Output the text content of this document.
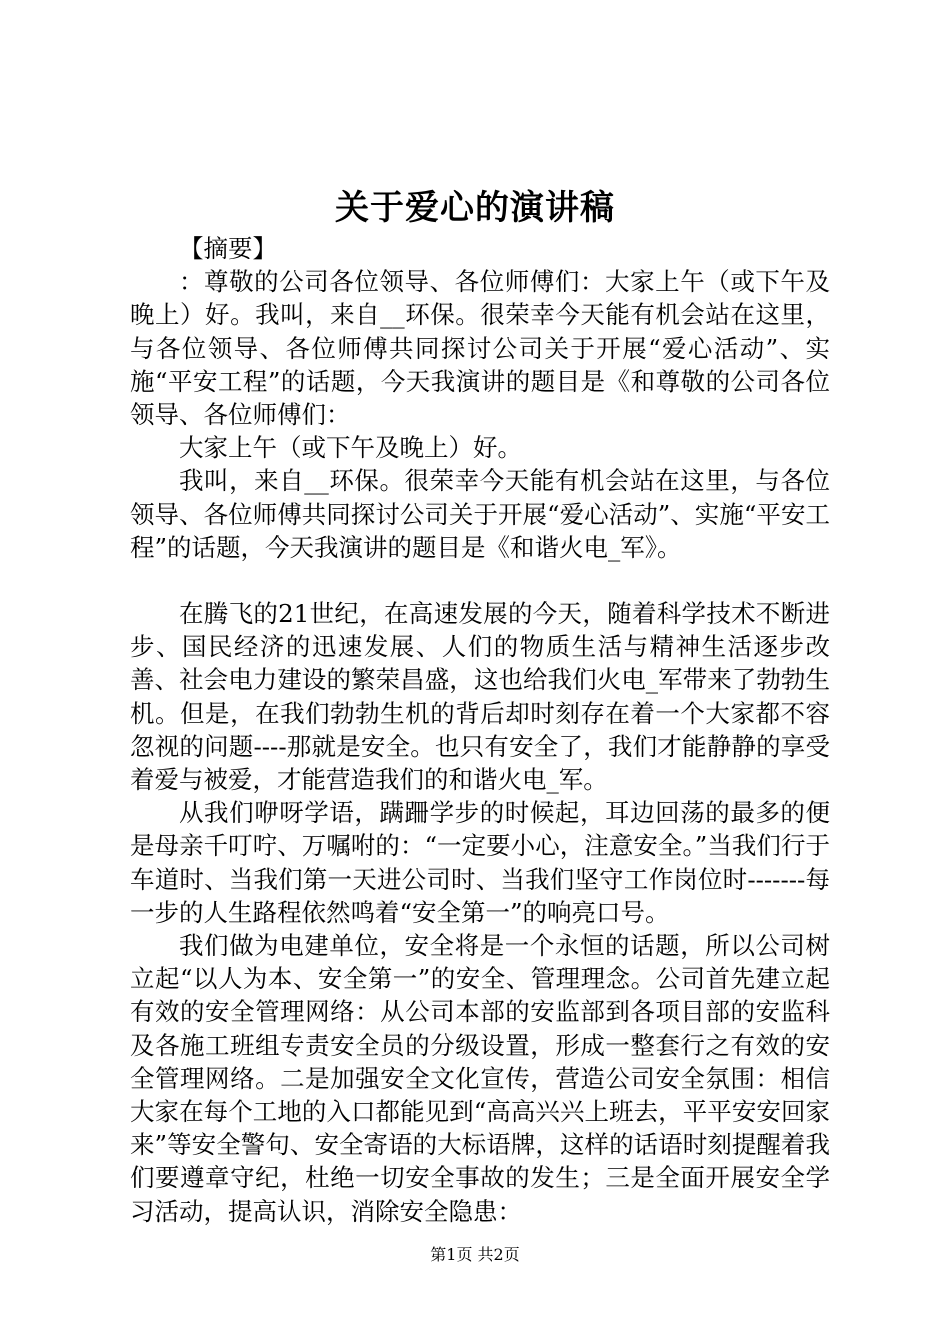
关于爱心的演讲稿

【摘要】

：尊敬的公司各位领导、各位师傅们：大家上午（或下午及晚上）好。我叫，来自__环保。很荣幸今天能有机会站在这里，与各位领导、各位师傅共同探讨公司关于开展“爱心活动”、实施“平安工程”的话题，今天我演讲的题目是《和尊敬的公司各位领导、各位师傅们：

大家上午（或下午及晚上）好。

我叫，来自__环保。很荣幸今天能有机会站在这里，与各位领导、各位师傅共同探讨公司关于开展“爱心活动”、实施“平安工程”的话题，今天我演讲的题目是《和谐火电_军》。

在腾飞的21世纪，在高速发展的今天，随着科学技术不断进步、国民经济的迅速发展、人们的物质生活与精神生活逐步改善、社会电力建设的繁荣昌盛，这也给我们火电_军带来了勃勃生机。但是，在我们勃勃生机的背后却时刻存在着一个大家都不容忽视的问题----那就是安全。也只有安全了，我们才能静静的享受着爱与被爱，才能营造我们的和谐火电_军。

从我们咿呀学语，蹒跚学步的时候起，耳边回荡的最多的便是母亲千叮咛、万嘱咐的：“一定要小心，注意安全。”当我们行于车道时、当我们第一天进公司时、当我们坚守工作岗位时-------每一步的人生路程依然鸣着“安全第一”的响亮口号。

我们做为电建单位，安全将是一个永恒的话题，所以公司树立起“以人为本、安全第一”的安全、管理理念。公司首先建立起有效的安全管理网络：从公司本部的安监部到各项目部的安监科及各施工班组专责安全员的分级设置，形成一整套行之有效的安全管理网络。二是加强安全文化宣传，营造公司安全氛围：相信大家在每个工地的入口都能见到“高高兴兴上班去，平平安安回家来”等安全警句、安全寄语的大标语牌，这样的话语时刻提醒着我们要遵章守纪，杜绝一切安全事故的发生；三是全面开展安全学习活动，提高认识，消除安全隐患：

第1页 共2页
